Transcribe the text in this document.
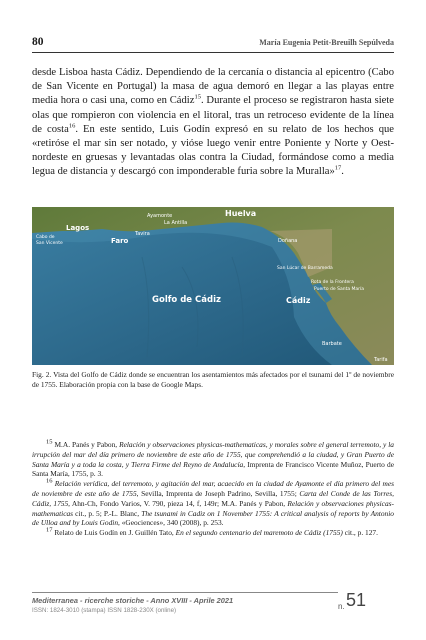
80	María Eugenia Petit-Breuilh Sepúlveda

desde Lisboa hasta Cádiz. Dependiendo de la cercanía o distancia al epicentro (Cabo de San Vicente en Portugal) la masa de agua demoró en llegar a las playas entre media hora o casi una, como en Cádiz$^{15}$. Durante el proceso se registraron hasta siete olas que rompieron con violencia en el litoral, tras un retroceso evidente de la línea de costa$^{16}$. En este sentido, Luis Godín expresó en su relato de los hechos que «retiróse el mar sin ser notado, y vióse luego venir entre Poniente y Norte y Oest-nordeste en gruesas y levantadas olas contra la Ciudad, formándose como a media legua de distancia y descargó con imponderable furia sobre la Muralla»$^{17}$.

Ayamonte
La Antilla
Huelva
Lagos
Cabo de
San Vicente
Tavira
Faro	Doñana
San Lúcar de Barrameda
Rota de la Frontera
Puerto de Santa María
Cádiz
Golfo de Cádiz
Barbate
Tarifa
Fig. 2. Vista del Golfo de Cádiz donde se encuentran los asentamientos más afectados por el tsunami del 1º de noviembre de 1755. Elaboración propia con la base de Google Maps.

$^{15}$ M.A. Panés y Pabon, Relación y observaciones physicas-mathematicas, y morales sobre el general terremoto, y la irrupción del mar del día primero de noviembre de este año de 1755, que comprehendió a la ciudad, y Gran Puerto de Santa María y a toda la costa, y Tierra Firme del Reyno de Andalucía, Imprenta de Francisco Vicente Muñoz, Puerto de Santa María, 1755, p. 3.

$^{16}$ Relación verídica, del terremoto, y agitación del mar, acaecido en la ciudad de Ayamonte el día primero del mes de noviembre de este año de 1755, Sevilla, Imprenta de Joseph Padrino, Sevilla, 1755; Carta del Conde de las Torres, Cádiz, 1755, Ahn-Ch, Fondo Varios, V. 790, pieza 14, f, 149r; M.A. Panés y Pabon, Relación y observaciones physicas-mathematicas cit., p. 5; P.-L. Blanc, The tsunami in Cadiz on 1 November 1755: A critical analysis of reports by Antonio de Ulloa and by Louis Godin, «Geociences», 340 (2008), p. 253.

$^{17}$ Relato de Luis Godín en J. Guillén Tato, En el segundo centenario del maremoto de Cádiz (1755) cit., p. 127.

Mediterranea - ricerche storiche - Anno XVIII - Aprile 2021
ISSN: 1824-3010 (stampa) ISSN 1828-230X (online)	n. 51
